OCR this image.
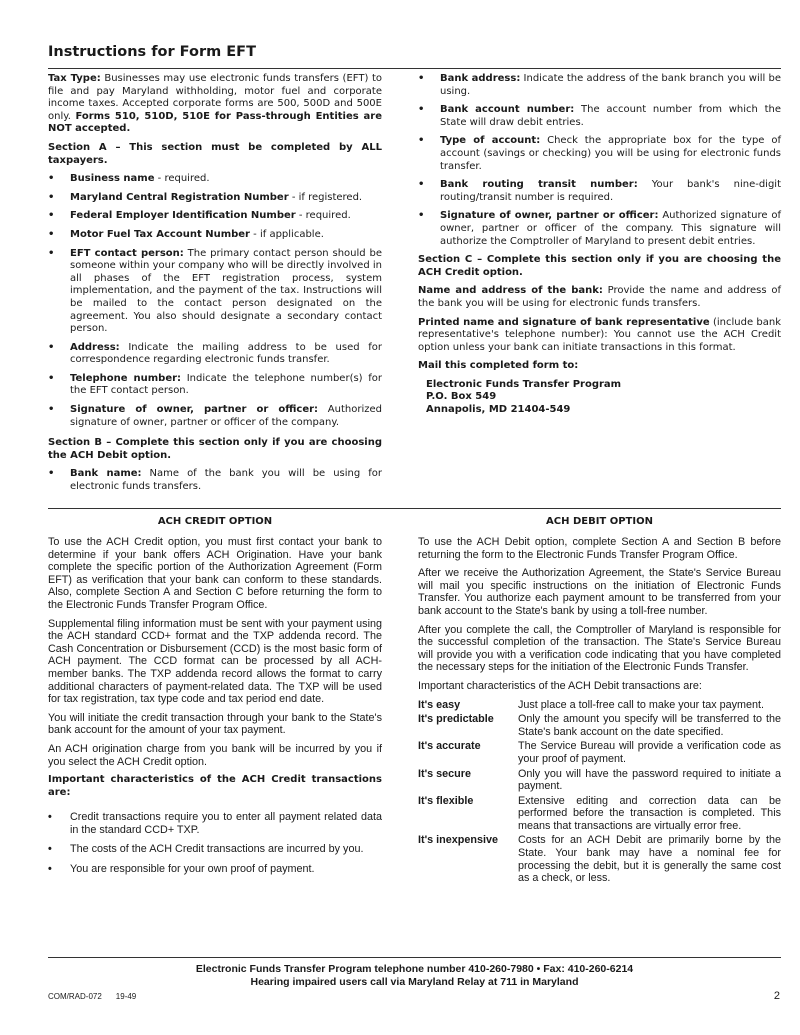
Instructions for Form EFT

Tax Type: Businesses may use electronic funds transfers (EFT) to file and pay Maryland withholding, motor fuel and corporate income taxes. Accepted corporate forms are 500, 500D and 500E only. Forms 510, 510D, 510E for Pass-through Entities are NOT accepted.

Section A – This section must be completed by ALL taxpayers.

• Business name - required.
• Maryland Central Registration Number - if registered.
• Federal Employer Identification Number - required.
• Motor Fuel Tax Account Number - if applicable.
• EFT contact person: The primary contact person should be someone within your company who will be directly involved in all phases of the EFT registration process, system implementation, and the payment of the tax. Instructions will be mailed to the contact person designated on the agreement. You also should designate a secondary contact person.
• Address: Indicate the mailing address to be used for correspondence regarding electronic funds transfer.
• Telephone number: Indicate the telephone number(s) for the EFT contact person.
• Signature of owner, partner or officer: Authorized signature of owner, partner or officer of the company.

Section B – Complete this section only if you are choosing the ACH Debit option.

• Bank name: Name of the bank you will be using for electronic funds transfers.
• Bank address: Indicate the address of the bank branch you will be using.
• Bank account number: The account number from which the State will draw debit entries.
• Type of account: Check the appropriate box for the type of account (savings or checking) you will be using for electronic funds transfer.
• Bank routing transit number: Your bank's nine-digit routing/transit number is required.
• Signature of owner, partner or officer: Authorized signature of owner, partner or officer of the company. This signature will authorize the Comptroller of Maryland to present debit entries.

Section C – Complete this section only if you are choosing the ACH Credit option.

Name and address of the bank: Provide the name and address of the bank you will be using for electronic funds transfers.

Printed name and signature of bank representative (include bank representative's telephone number): You cannot use the ACH Credit option unless your bank can initiate transactions in this format.

Mail this completed form to:

Electronic Funds Transfer Program
P.O. Box 549
Annapolis, MD 21404-549
ACH CREDIT OPTION

To use the ACH Credit option, you must first contact your bank to determine if your bank offers ACH Origination. Have your bank complete the specific portion of the Authorization Agreement (Form EFT) as verification that your bank can conform to these standards. Also, complete Section A and Section C before returning the form to the Electronic Funds Transfer Program Office.

Supplemental filing information must be sent with your payment using the ACH standard CCD+ format and the TXP addenda record. The Cash Concentration or Disbursement (CCD) is the most basic form of ACH payment. The CCD format can be processed by all ACH-member banks. The TXP addenda record allows the format to carry additional characters of payment-related data. The TXP will be used for tax registration, tax type code and tax period end date.

You will initiate the credit transaction through your bank to the State's bank account for the amount of your tax payment.

An ACH origination charge from you bank will be incurred by you if you select the ACH Credit option.

Important characteristics of the ACH Credit transactions are:

• Credit transactions require you to enter all payment related data in the standard CCD+ TXP.
• The costs of the ACH Credit transactions are incurred by you.
• You are responsible for your own proof of payment.
ACH DEBIT OPTION

To use the ACH Debit option, complete Section A and Section B before returning the form to the Electronic Funds Transfer Program Office.

After we receive the Authorization Agreement, the State's Service Bureau will mail you specific instructions on the initiation of Electronic Funds Transfer. You authorize each payment amount to be transferred from your bank account to the State's bank by using a toll-free number.

After you complete the call, the Comptroller of Maryland is responsible for the successful completion of the transaction. The State's Service Bureau will provide you with a verification code indicating that you have completed the necessary steps for the initiation of the Electronic Funds Transfer.

Important characteristics of the ACH Debit transactions are:

It's easy	Just place a toll-free call to make your tax payment.
It's predictable	Only the amount you specify will be transferred to the State's bank account on the date specified.
It's accurate	The Service Bureau will provide a verification code as your proof of payment.
It's secure	Only you will have the password required to initiate a payment.
It's flexible	Extensive editing and correction data can be performed before the transaction is completed. This means that transactions are virtually error free.
It's inexpensive	Costs for an ACH Debit are primarily borne by the State. Your bank may have a nominal fee for processing the debit, but it is generally the same cost as a check, or less.
Electronic Funds Transfer Program telephone number 410-260-7980 • Fax: 410-260-6214
Hearing impaired users call via Maryland Relay at 711 in Maryland
COM/RAD-072 19-49	2
